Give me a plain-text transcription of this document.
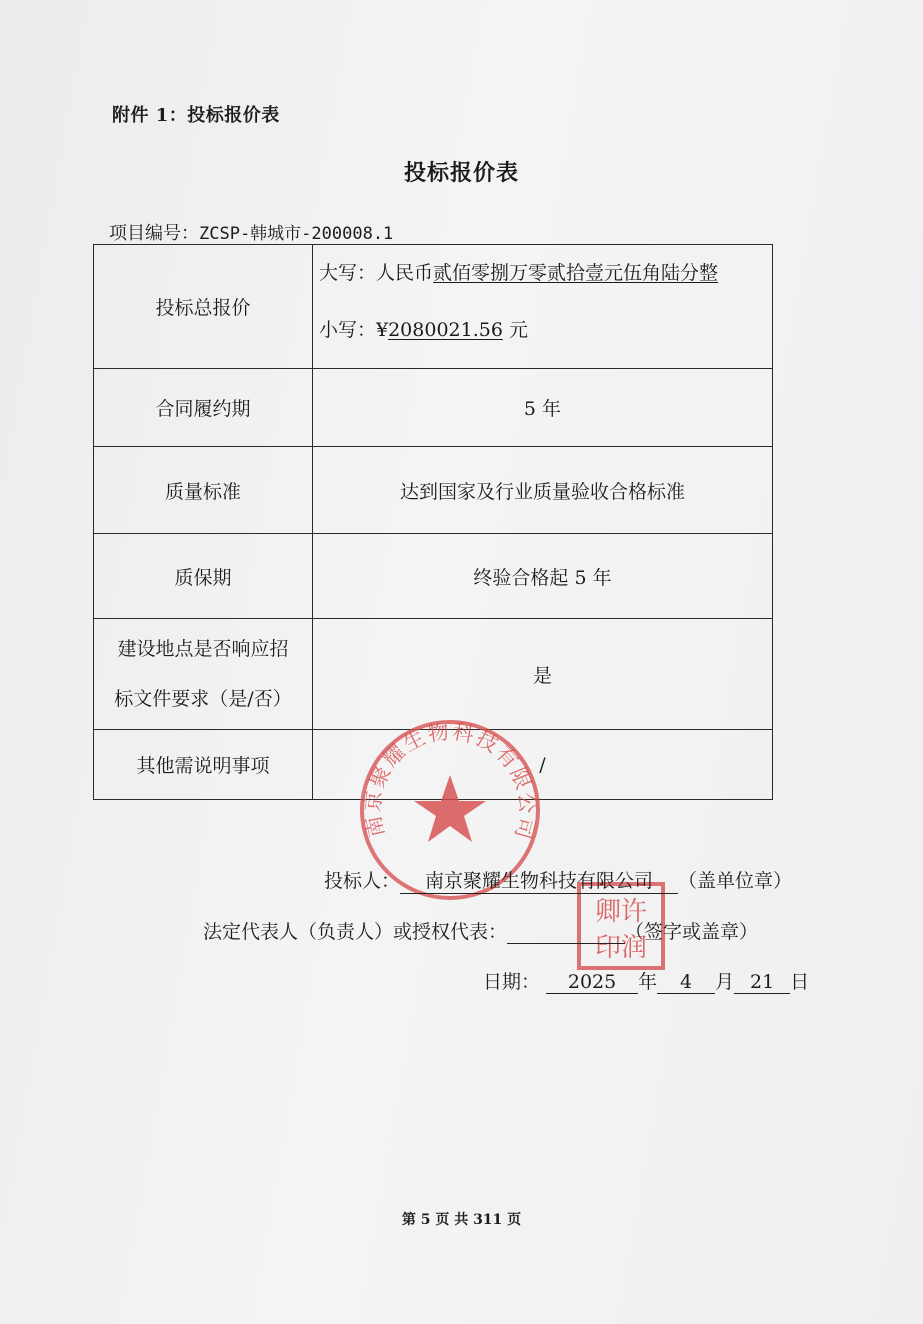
附件 1：投标报价表
投标报价表
项目编号：ZCSP-韩城市-200008.1
投标总报价	大写：人民币贰佰零捌万零贰拾壹元伍角陆分整
小写：¥2080021.56 元

合同履约期	5 年
质量标准	达到国家及行业质量验收合格标准
质保期	终验合格起 5 年

建设地点是否响应招
标文件要求（是/否）	是
其他需说明事项	/
南京聚耀生物科技有限公司
卿许
印润
投标人： 南京聚耀生物科技有限公司 （盖单位章）
法定代表人（负责人）或授权代表：	（签字或盖章）
日期： 2025 年 4 月 21 日
第 5 页 共 311 页
